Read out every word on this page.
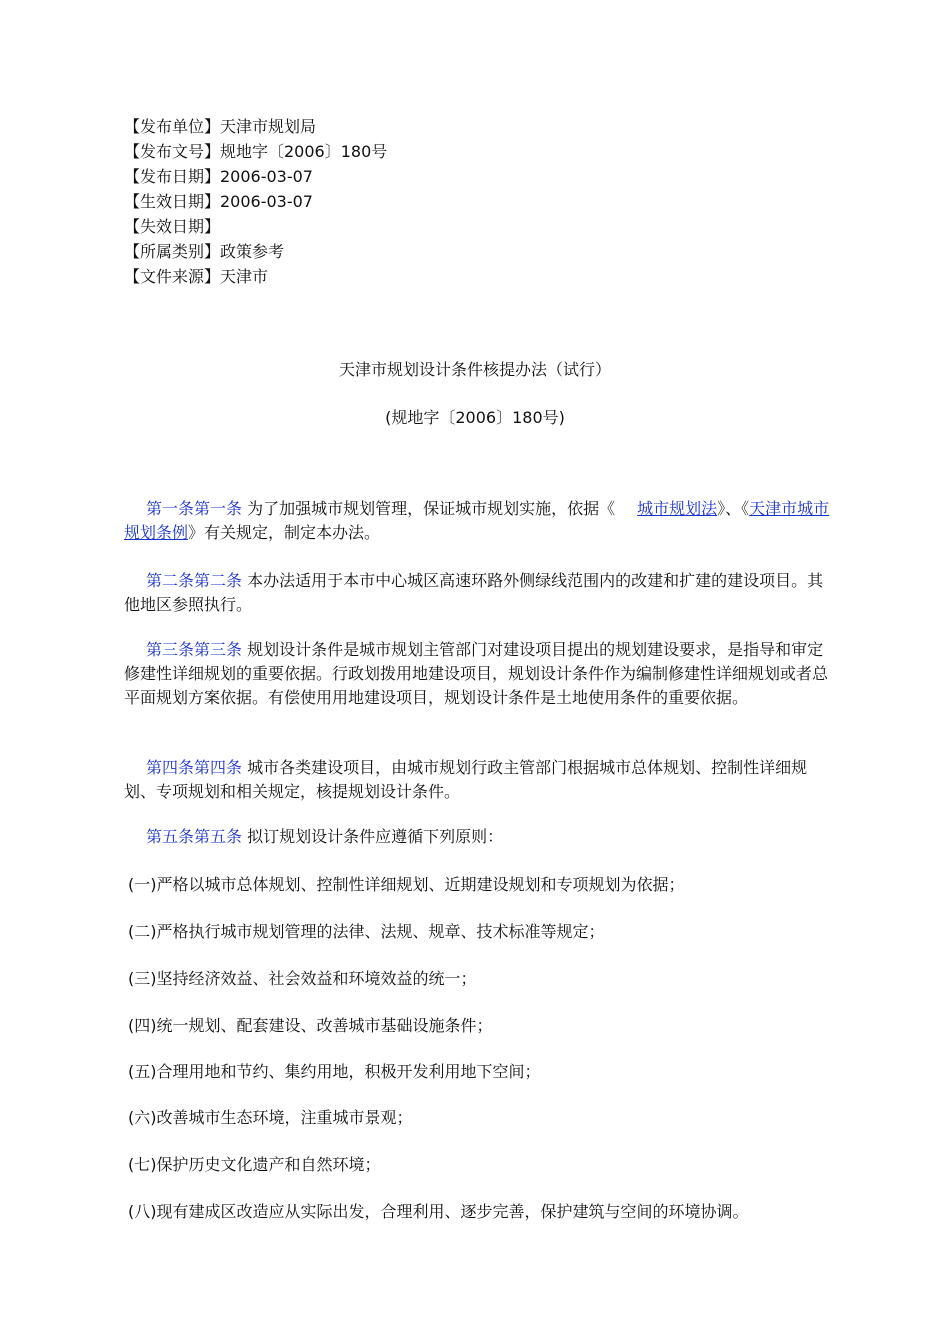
【发布单位】天津市规划局
【发布文号】规地字〔2006〕180号
【发布日期】2006-03-07
【生效日期】2006-03-07
【失效日期】
【所属类别】政策参考
【文件来源】天津市
天津市规划设计条件核提办法（试行）
(规地字〔2006〕180号)
第一条第一条 为了加强城市规划管理，保证城市规划实施，依据《 城市规划法》、《天津市城市规划条例》有关规定，制定本办法。
第二条第二条 本办法适用于本市中心城区高速环路外侧绿线范围内的改建和扩建的建设项目。其他地区参照执行。
第三条第三条 规划设计条件是城市规划主管部门对建设项目提出的规划建设要求，是指导和审定修建性详细规划的重要依据。行政划拨用地建设项目，规划设计条件作为编制修建性详细规划或者总平面规划方案依据。有偿使用用地建设项目，规划设计条件是土地使用条件的重要依据。
第四条第四条 城市各类建设项目，由城市规划行政主管部门根据城市总体规划、控制性详细规划、专项规划和相关规定，核提规划设计条件。
第五条第五条 拟订规划设计条件应遵循下列原则：
(一)严格以城市总体规划、控制性详细规划、近期建设规划和专项规划为依据；
(二)严格执行城市规划管理的法律、法规、规章、技术标准等规定；
(三)坚持经济效益、社会效益和环境效益的统一；
(四)统一规划、配套建设、改善城市基础设施条件；
(五)合理用地和节约、集约用地，积极开发利用地下空间；
(六)改善城市生态环境，注重城市景观；
(七)保护历史文化遗产和自然环境；
(八)现有建成区改造应从实际出发，合理利用、逐步完善，保护建筑与空间的环境协调。
